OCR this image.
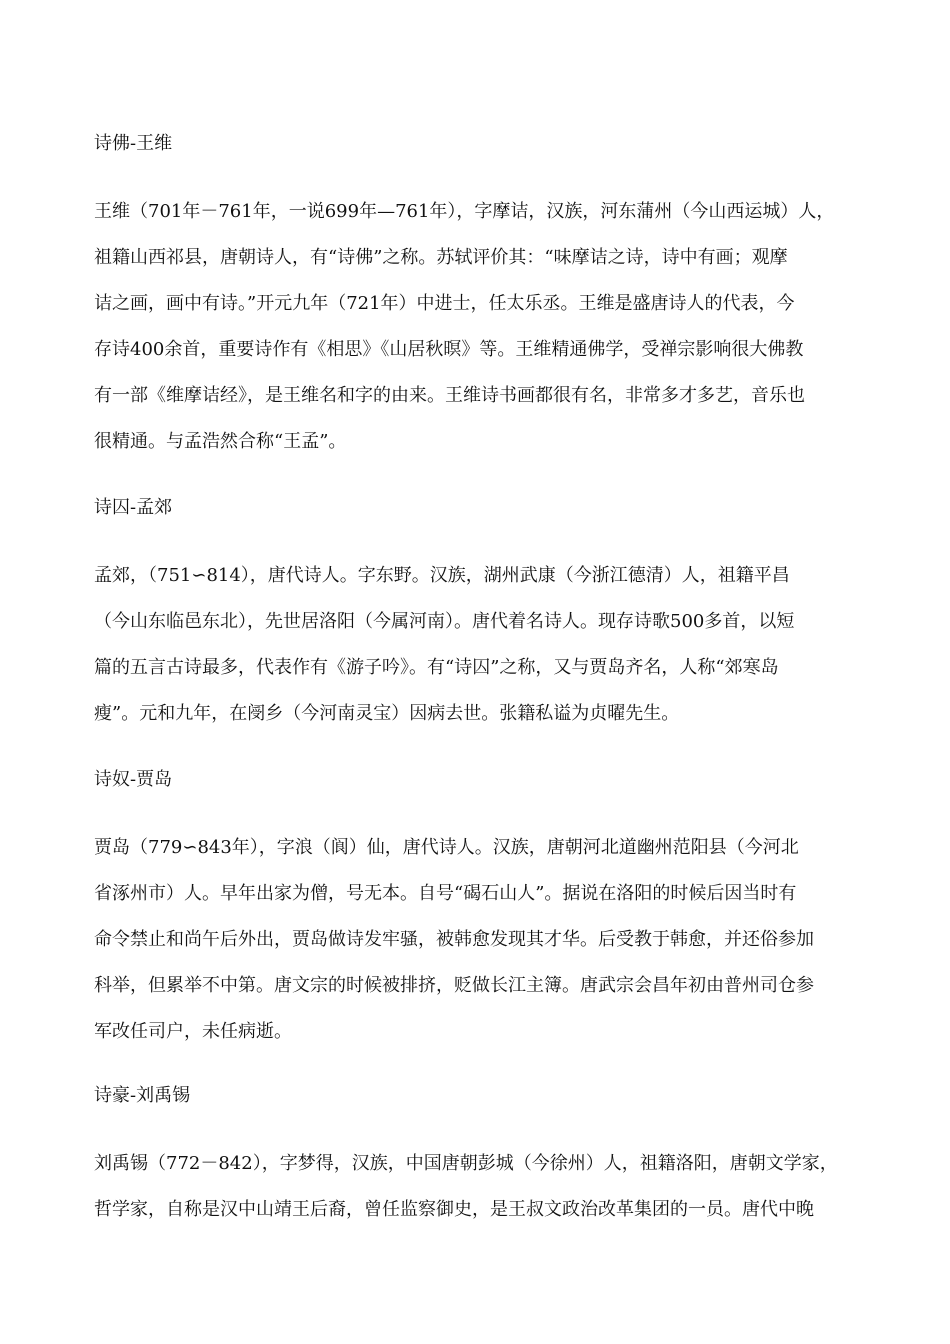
诗佛-王维
王维（701年－761年，一说699年—761年），字摩诘，汉族，河东蒲州（今山西运城）人，
祖籍山西祁县，唐朝诗人，有“诗佛”之称。苏轼评价其：“味摩诘之诗，诗中有画；观摩
诘之画，画中有诗。”开元九年（721年）中进士，任太乐丞。王维是盛唐诗人的代表，今
存诗400余首，重要诗作有《相思》《山居秋暝》等。王维精通佛学，受禅宗影响很大佛教
有一部《维摩诘经》，是王维名和字的由来。王维诗书画都很有名，非常多才多艺，音乐也
很精通。与孟浩然合称“王孟”。
诗囚-孟郊
孟郊，（751∽814），唐代诗人。字东野。汉族，湖州武康（今浙江德清）人，祖籍平昌
（今山东临邑东北），先世居洛阳（今属河南）。唐代着名诗人。现存诗歌500多首，以短
篇的五言古诗最多，代表作有《游子吟》。有“诗囚”之称，又与贾岛齐名，人称“郊寒岛
瘦”。元和九年，在阌乡（今河南灵宝）因病去世。张籍私谥为贞曜先生。
诗奴-贾岛
贾岛（779∽843年），字浪（阆）仙，唐代诗人。汉族，唐朝河北道幽州范阳县（今河北
省涿州市）人。早年出家为僧，号无本。自号“碣石山人”。据说在洛阳的时候后因当时有
命令禁止和尚午后外出，贾岛做诗发牢骚，被韩愈发现其才华。后受教于韩愈，并还俗参加
科举，但累举不中第。唐文宗的时候被排挤，贬做长江主簿。唐武宗会昌年初由普州司仓参
军改任司户，未任病逝。
诗豪-刘禹锡
刘禹锡（772－842），字梦得，汉族，中国唐朝彭城（今徐州）人，祖籍洛阳，唐朝文学家，
哲学家，自称是汉中山靖王后裔，曾任监察御史，是王叔文政治改革集团的一员。唐代中晚
